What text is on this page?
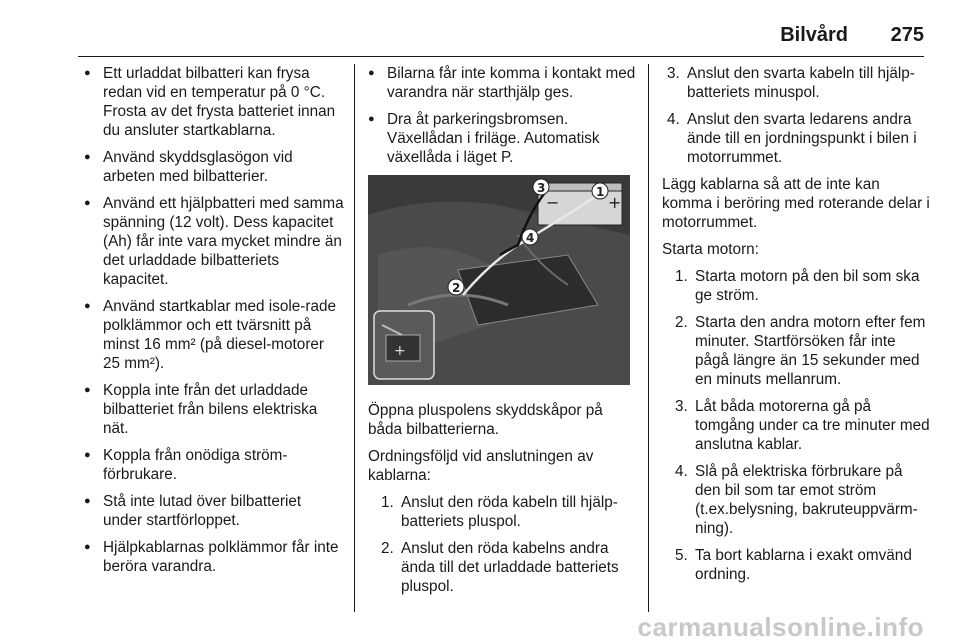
Bilvård 275
● Ett urladdat bilbatteri kan frysa redan vid en temperatur på 0 °C. Frosta av det frysta batteriet innan du ansluter startkablarna.
● Använd skyddsglasögon vid arbeten med bilbatterier.
● Använd ett hjälpbatteri med samma spänning (12 volt). Dess kapacitet (Ah) får inte vara mycket mindre än det urladdade bilbatteriets kapacitet.
● Använd startkablar med isole-rade polklämmor och ett tvärsnitt på minst 16 mm² (på diesel-motorer 25 mm²).
● Koppla inte från det urladdade bilbatteriet från bilens elektriska nät.
● Koppla från onödiga ström-förbrukare.
● Stå inte lutad över bilbatteriet under startförloppet.
● Hjälpkablarnas polklämmor får inte beröra varandra.
● Bilarna får inte komma i kontakt med varandra när starthjälp ges.
● Dra åt parkeringsbromsen. Växellådan i friläge. Automatisk växellåda i läget P.
+
−
1
2
3
4
+

Öppna pluspolens skyddskåpor på båda bilbatterierna.

Ordningsföljd vid anslutningen av kablarna:

1. Anslut den röda kabeln till hjälp-batteriets pluspol.
2. Anslut den röda kabelns andra ända till det urladdade batteriets pluspol.
3. Anslut den svarta kabeln till hjälp-batteriets minuspol.
4. Anslut den svarta ledarens andra ände till en jordningspunkt i bilen i motorrummet.

Lägg kablarna så att de inte kan komma i beröring med roterande delar i motorrummet.

Starta motorn:

1. Starta motorn på den bil som ska ge ström.
2. Starta den andra motorn efter fem minuter. Startförsöken får inte pågå längre än 15 sekunder med en minuts mellanrum.
3. Låt båda motorerna gå på tomgång under ca tre minuter med anslutna kablar.
4. Slå på elektriska förbrukare på den bil som tar emot ström (t.ex.belysning, bakruteuppvärm-ning).
5. Ta bort kablarna i exakt omvänd ordning.
carmanualsonline.info
